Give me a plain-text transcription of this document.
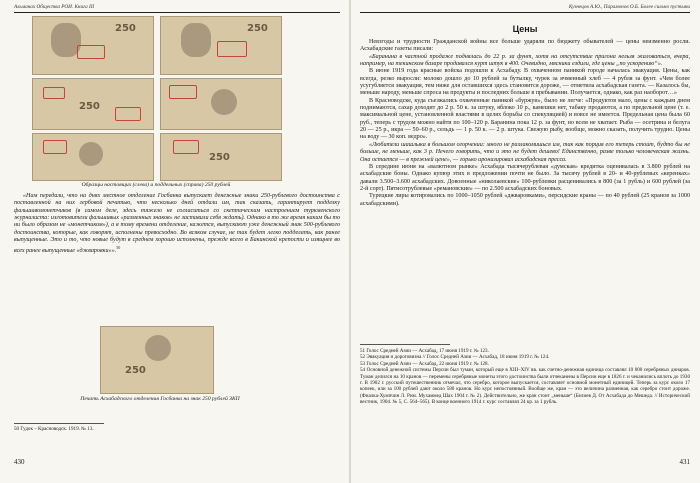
Альманах Общества РОИ. Книга III
250	250
250
250
Образцы настоящих (слева) и поддельных (справа) 250 рублей

«Нам передали, что на днях местное отделение Госбанка выпускает денежные знаки 250-рублевого достоинства с поставленной на них гербовой печатью, что несколько дней отдали им, так сказать, гарантирует подделку фальшивомонетчиков (в самом деле, здесь тяжело не согласиться со скептическим настроением туркменского журналиста: изготовители фальшивых «разменных знаков» не заставили себя ждать). Однако в то же время каким бы то ни было образом не «монетчиком»), а в тому времени отделение, кажется, выпускают уже денежный знак 500-рублевого достоинства, которые, как говорят, исполнены превосходно. Во всяком случае, не так будет легко подделать, как ранее выпущенные. Это и то, что новые будут в среднем хорошо исполнены, прежде всего в Бакинской крепости и изящнее во всех ранее выпущенные «джваровки»».$^{50}$

250
Печать Асхабадского отделения Госбанка на знак 250 рублей ЗКП

50 Гудок – Красноводск. 1919. № 13.

430
Кузнецов А.Ю., Парамонов О.Б. Более сильно пустыни
Цены

Невзгоды и трудности Гражданской войны все больше ударяли по бюджету обывателей — цены неизменно росли. Асхабадские газеты писали:

«Баранина в частной продаже поднялась до 22 р. за фунт, хотя на отсутствие пригона нельзя жаловаться, вчера, например, на текинском базаре продавался курт штук в 400. Очевидно, мясники ездили, где цены „по ускорению“».

В июне 1919 года красные войска подошли к Асхабаду. В охваченном паникой городе началась эвакуация. Цены, как всегда, резко выросли: молоко дошло до 10 рублей за бутылку, чурек за ячменный хлеб — 4 рубля за фунт. «Чем более усугубляется эвакуация, тем ниже для оставшихся здесь становится дороже, — отметила асхабадская газета. — Казалось бы, меньше народу, меньше спроса на продукты и последних больше в пребывании. Получается, однако, как раз наоборот…»

В Красноводске, куда съезжались охваченные паникой «буржуи», было не легче: «Продуктов мало, цены с каждым днем поднимаются, сахар доходит до 2 р. 50 к. за штуку, яблоко 10 р., камешки нет, табаку продаются, а по предельной цене (т. е. максимальной цене, установленной властями в целях борьбы со спекуляцией) и вовсе не имеется. Предельная цена была 60 руб., теперь с трудом можно найти по 100–120 р. Баранина пока 12 р. за фунт, но всем не хватает. Рыба — осетрина и белуга 20 — 25 р., икра — 50–60 р., сельдь — 1 р. 50 к. — 2 р. штука. Свежую рыбу, вообще, можно сказать, получить трудно. Цены на воду — 30 коп. ведро».

«Любители шашлыка в большом огорчении: много не разлакомишься им, так как порция его теперь стоит, будто бы не больше, не меньше, как 3 р. Нечего говорить, что и это не будет дешево! Единственно, разве только человеческая жизнь. Она остается — в прежней цене», — горько иронизировал асхабадская пресса.

В середине июня на «валютном рынке» Асхабада тысячерублевая «думская» кредитка оценивалась в 3.800 рублей на асхабадские боны. Однако купюр этих в предложении почти не было. За тысячу рублей в 20- и 40-рублевых «керенках» давали 3.500–3.600 асхабадских. Довоенные «николаевские» 100-рублевки расценивались в 800 (за 1 рубль) и 600 рублей (за 2-й сорт). Пятисотрублевые «ремановские» — по 2.500 асхабадских боновых.

Турецкие лиры котировались по 1000–1050 рублей «джваровками», персидские краны — по 40 рублей (25 кранов за 1000 асхабадскими).

51 Голос Средней Азии — Асхабад, 17 июня 1919 г. № 123.

52 Эвакуация и дороговизна // Голос Средней Азии — Асхабад, 18 июня 1919 г. № 124.

53 Голос Средней Азии — Асхабад, 22 июня 1919 г. № 128.

54 Основной денежной системы Персии был туман, который еще в XIII–XIV вв. как счетно-денежная единица составлял 10 000 серебряных динаров. Туман делился на 10 кранов — перемены серебряные монеты этого достоинства были отчеканены в Персии еще в 1826 г. и чеканились вплоть до 1930 г. В 1902 г. русский путешественник отмечал, что серебро, которое выпускается, составляет основной монетный единицей. Теперь за курс около 17 копеек, или за 100 рублей дают около 580 кранов. Но курс непостоянный. Вообще же, кран — это величина разменная, как серебро стоит дороже. (Фиалка-Хумпчин Л. Рим. Мухаммед Шах 1904 г. № 2). Действительно, же кран стоит „меньше“ (Белиев Д. От Асхабада до Мешеда. // Исторический вестник, 1904. № 5, С. 564–565). В конце военного 1914 г. курс составлял 24 кр. за 1 рубль.

431
